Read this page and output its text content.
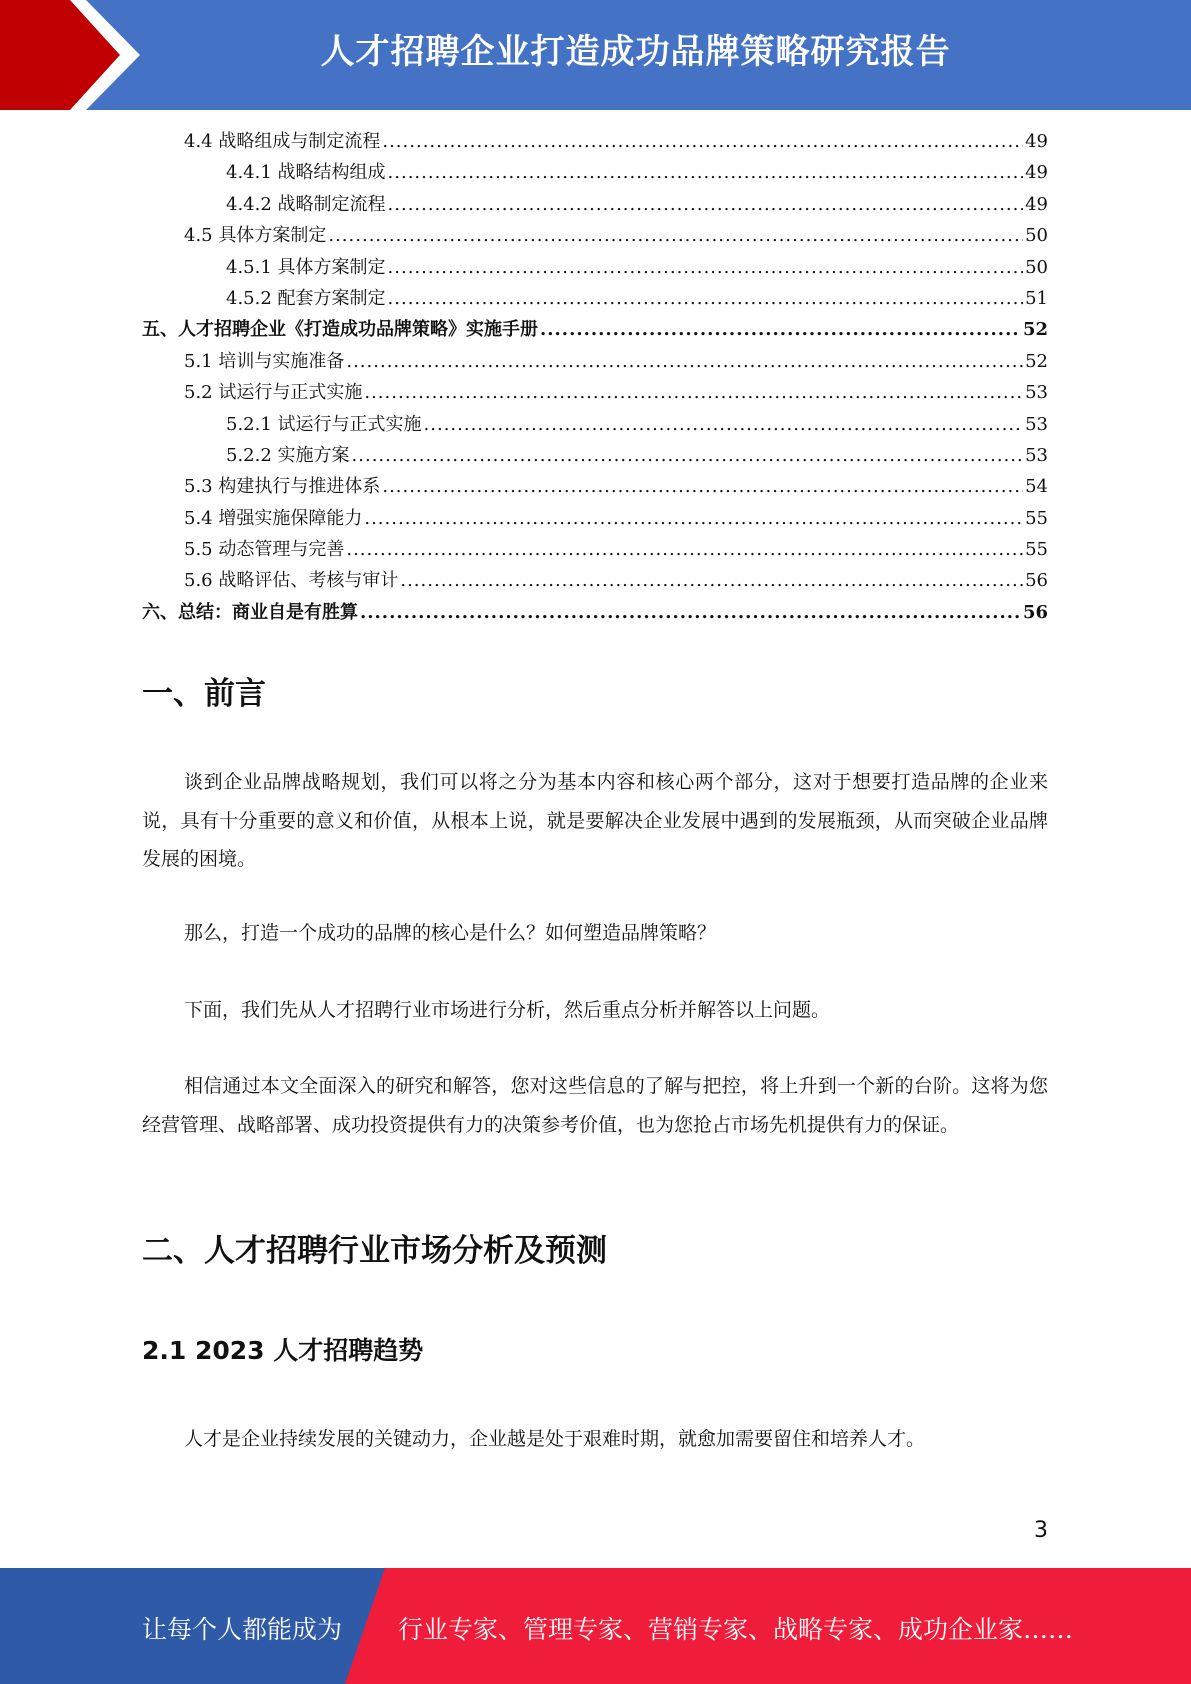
人才招聘企业打造成功品牌策略研究报告
4.4 战略组成与制定流程 .....	49
4.4.1 战略结构组成 .....	49
4.4.2 战略制定流程 .....	49
4.5 具体方案制定 .....	50
4.5.1 具体方案制定 .....	50
4.5.2 配套方案制定 .....	51
五、人才招聘企业《打造成功品牌策略》实施手册 .....	52
5.1 培训与实施准备 .....	52
5.2 试运行与正式实施 .....	53
5.2.1 试运行与正式实施 .....	53
5.2.2 实施方案 .....	53
5.3 构建执行与推进体系 .....	54
5.4 增强实施保障能力 .....	55
5.5 动态管理与完善 .....	55
5.6 战略评估、考核与审计 .....	56
六、总结：商业自是有胜算 .....	56
一、前言
谈到企业品牌战略规划，我们可以将之分为基本内容和核心两个部分，这对于想要打造品牌的企业来说，具有十分重要的意义和价值，从根本上说，就是要解决企业发展中遇到的发展瓶颈，从而突破企业品牌发展的困境。
那么，打造一个成功的品牌的核心是什么？如何塑造品牌策略？
下面，我们先从人才招聘行业市场进行分析，然后重点分析并解答以上问题。
相信通过本文全面深入的研究和解答，您对这些信息的了解与把控，将上升到一个新的台阶。这将为您经营管理、战略部署、成功投资提供有力的决策参考价值，也为您抢占市场先机提供有力的保证。
二、人才招聘行业市场分析及预测
2.1 2023 人才招聘趋势
人才是企业持续发展的关键动力，企业越是处于艰难时期，就愈加需要留住和培养人才。
3
让每个人都能成为 行业专家、管理专家、营销专家、战略专家、成功企业家……
